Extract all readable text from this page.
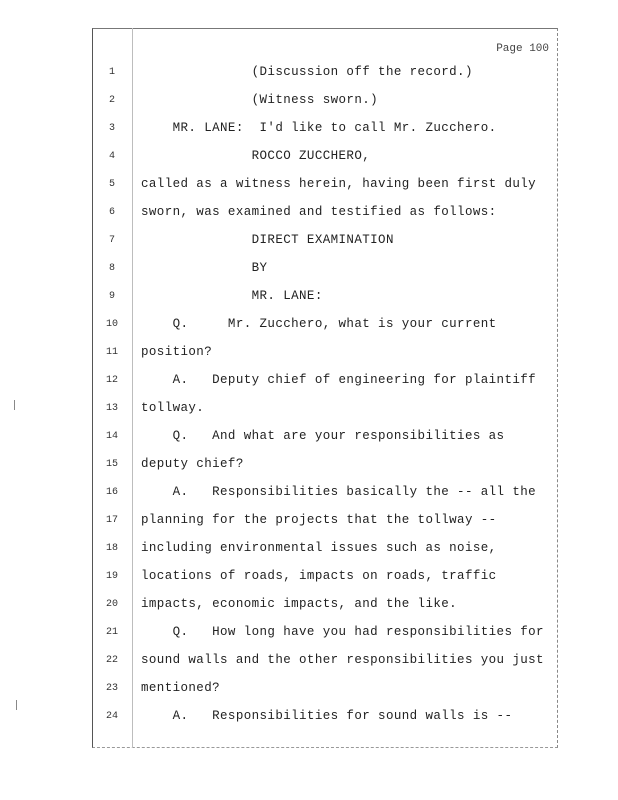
Page 100
1	(Discussion off the record.)
2	(Witness sworn.)
3	MR. LANE:  I'd like to call Mr. Zucchero.
4	ROCCO ZUCCHERO,
5	called as a witness herein, having been first duly
6	sworn, was examined and testified as follows:
7	DIRECT EXAMINATION
8	BY
9	MR. LANE:
10 Q.     Mr. Zucchero, what is your current
11 position?
12 A.   Deputy chief of engineering for plaintiff
13 tollway.
14 Q.   And what are your responsibilities as
15 deputy chief?
16 A.   Responsibilities basically the -- all the
17 planning for the projects that the tollway --
18 including environmental issues such as noise,
19 locations of roads, impacts on roads, traffic
20 impacts, economic impacts, and the like.
21 Q.   How long have you had responsibilities for
22 sound walls and the other responsibilities you just
23 mentioned?
24 A.   Responsibilities for sound walls is --
